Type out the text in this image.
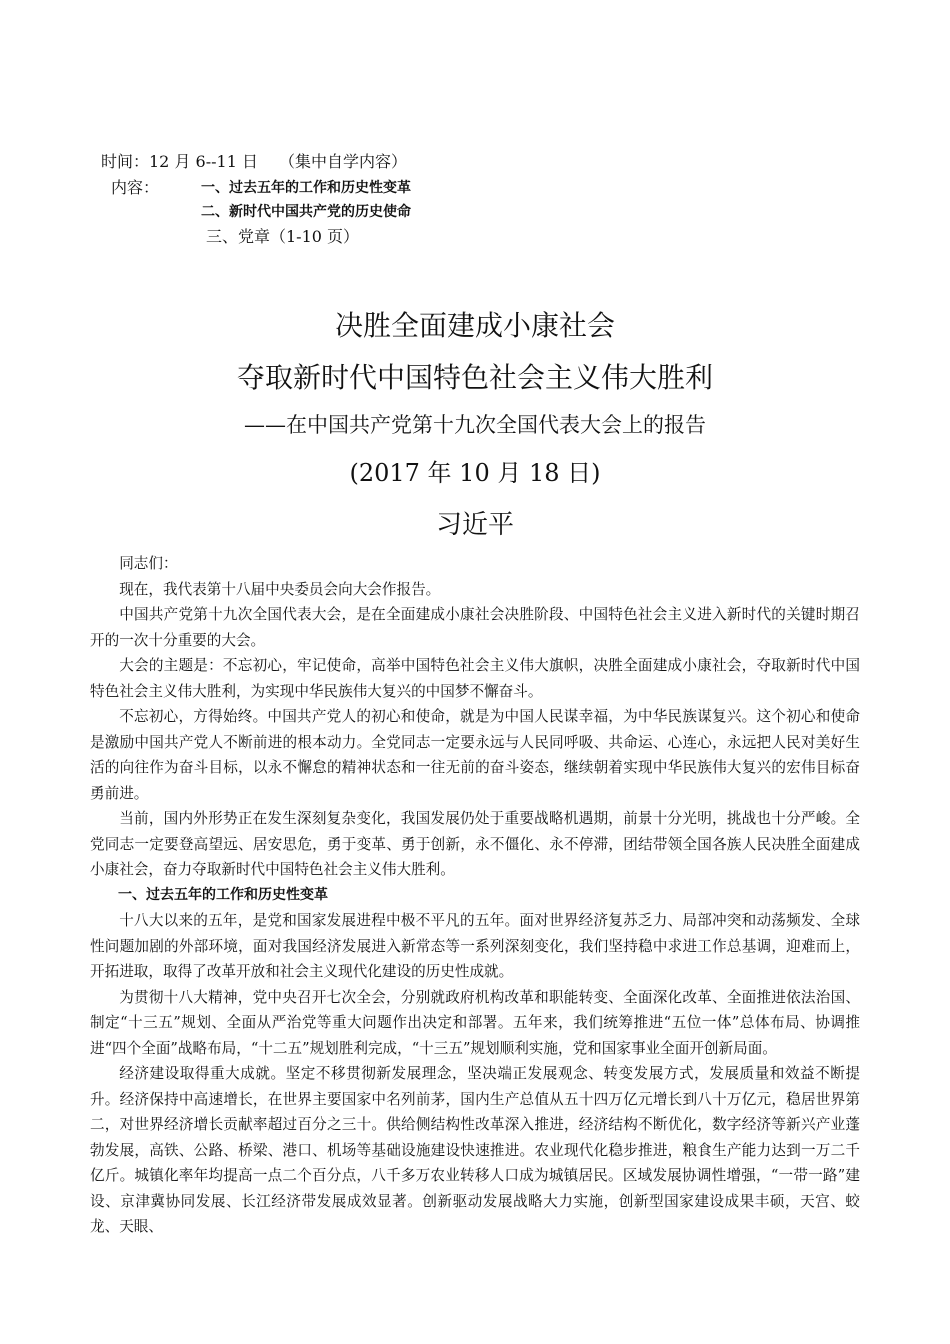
时间：12 月 6--11 日　 （集中自学内容）
内容：	一、过去五年的工作和历史性变革
二、新时代中国共产党的历史使命
三、党章（1-10 页）
决胜全面建成小康社会
夺取新时代中国特色社会主义伟大胜利
——在中国共产党第十九次全国代表大会上的报告
(2017 年 10 月 18 日)
习近平

同志们：

现在，我代表第十八届中央委员会向大会作报告。

中国共产党第十九次全国代表大会，是在全面建成小康社会决胜阶段、中国特色社会主义进入新时代的关键时期召开的一次十分重要的大会。

大会的主题是：不忘初心，牢记使命，高举中国特色社会主义伟大旗帜，决胜全面建成小康社会，夺取新时代中国特色社会主义伟大胜利，为实现中华民族伟大复兴的中国梦不懈奋斗。

不忘初心，方得始终。中国共产党人的初心和使命，就是为中国人民谋幸福，为中华民族谋复兴。这个初心和使命是激励中国共产党人不断前进的根本动力。全党同志一定要永远与人民同呼吸、共命运、心连心，永远把人民对美好生活的向往作为奋斗目标，以永不懈怠的精神状态和一往无前的奋斗姿态，继续朝着实现中华民族伟大复兴的宏伟目标奋勇前进。

当前，国内外形势正在发生深刻复杂变化，我国发展仍处于重要战略机遇期，前景十分光明，挑战也十分严峻。全党同志一定要登高望远、居安思危，勇于变革、勇于创新，永不僵化、永不停滞，团结带领全国各族人民决胜全面建成小康社会，奋力夺取新时代中国特色社会主义伟大胜利。

一、过去五年的工作和历史性变革

十八大以来的五年，是党和国家发展进程中极不平凡的五年。面对世界经济复苏乏力、局部冲突和动荡频发、全球性问题加剧的外部环境，面对我国经济发展进入新常态等一系列深刻变化，我们坚持稳中求进工作总基调，迎难而上，开拓进取，取得了改革开放和社会主义现代化建设的历史性成就。

为贯彻十八大精神，党中央召开七次全会，分别就政府机构改革和职能转变、全面深化改革、全面推进依法治国、制定“十三五”规划、全面从严治党等重大问题作出决定和部署。五年来，我们统筹推进“五位一体”总体布局、协调推进“四个全面”战略布局，“十二五”规划胜利完成，“十三五”规划顺利实施，党和国家事业全面开创新局面。

经济建设取得重大成就。坚定不移贯彻新发展理念，坚决端正发展观念、转变发展方式，发展质量和效益不断提升。经济保持中高速增长，在世界主要国家中名列前茅，国内生产总值从五十四万亿元增长到八十万亿元，稳居世界第二，对世界经济增长贡献率超过百分之三十。供给侧结构性改革深入推进，经济结构不断优化，数字经济等新兴产业蓬勃发展，高铁、公路、桥梁、港口、机场等基础设施建设快速推进。农业现代化稳步推进，粮食生产能力达到一万二千亿斤。城镇化率年均提高一点二个百分点，八千多万农业转移人口成为城镇居民。区域发展协调性增强，“一带一路”建设、京津冀协同发展、长江经济带发展成效显著。创新驱动发展战略大力实施，创新型国家建设成果丰硕，天宫、蛟龙、天眼、
